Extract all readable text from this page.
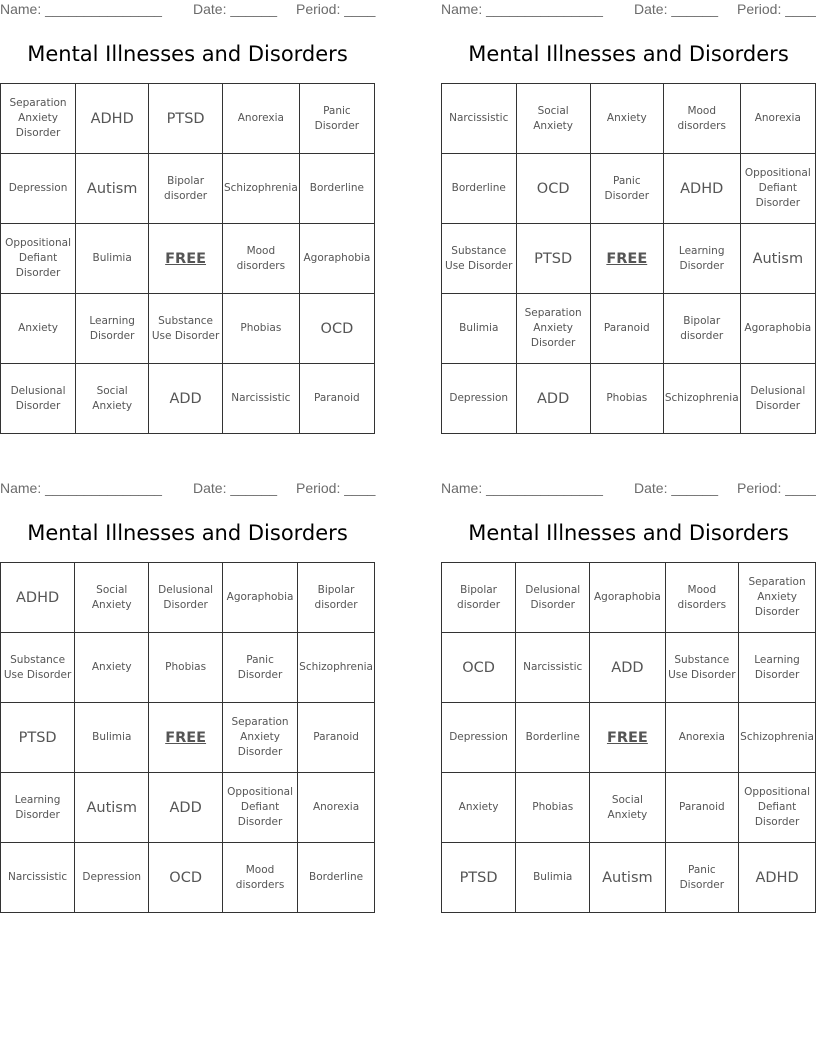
Name: _______________ Date: ______ Period: ____
Mental Illnesses and Disorders
Separation Anxiety Disorder	ADHD	PTSD	Anorexia	Panic Disorder
Depression	Autism	Bipolar disorder	Schizophrenia	Borderline
Oppositional Defiant Disorder	Bulimia	FREE	Mood disorders	Agoraphobia
Anxiety	Learning Disorder	Substance Use Disorder	Phobias	OCD
Delusional Disorder	Social Anxiety	ADD	Narcissistic	Paranoid
Name: _______________ Date: ______ Period: ____
Mental Illnesses and Disorders
Narcissistic	Social Anxiety	Anxiety	Mood disorders	Anorexia
Borderline	OCD	Panic Disorder	ADHD	Oppositional Defiant Disorder
Substance Use Disorder	PTSD	FREE	Learning Disorder	Autism
Bulimia	Separation Anxiety Disorder	Paranoid	Bipolar disorder	Agoraphobia
Depression	ADD	Phobias	Schizophrenia	Delusional Disorder
Name: _______________ Date: ______ Period: ____
Mental Illnesses and Disorders
ADHD	Social Anxiety	Delusional Disorder	Agoraphobia	Bipolar disorder
Substance Use Disorder	Anxiety	Phobias	Panic Disorder	Schizophrenia
PTSD	Bulimia	FREE	Separation Anxiety Disorder	Paranoid
Learning Disorder	Autism	ADD	Oppositional Defiant Disorder	Anorexia
Narcissistic	Depression	OCD	Mood disorders	Borderline
Name: _______________ Date: ______ Period: ____
Mental Illnesses and Disorders
Bipolar disorder	Delusional Disorder	Agoraphobia	Mood disorders	Separation Anxiety Disorder
OCD	Narcissistic	ADD	Substance Use Disorder	Learning Disorder
Depression	Borderline	FREE	Anorexia	Schizophrenia
Anxiety	Phobias	Social Anxiety	Paranoid	Oppositional Defiant Disorder
PTSD	Bulimia	Autism	Panic Disorder	ADHD
